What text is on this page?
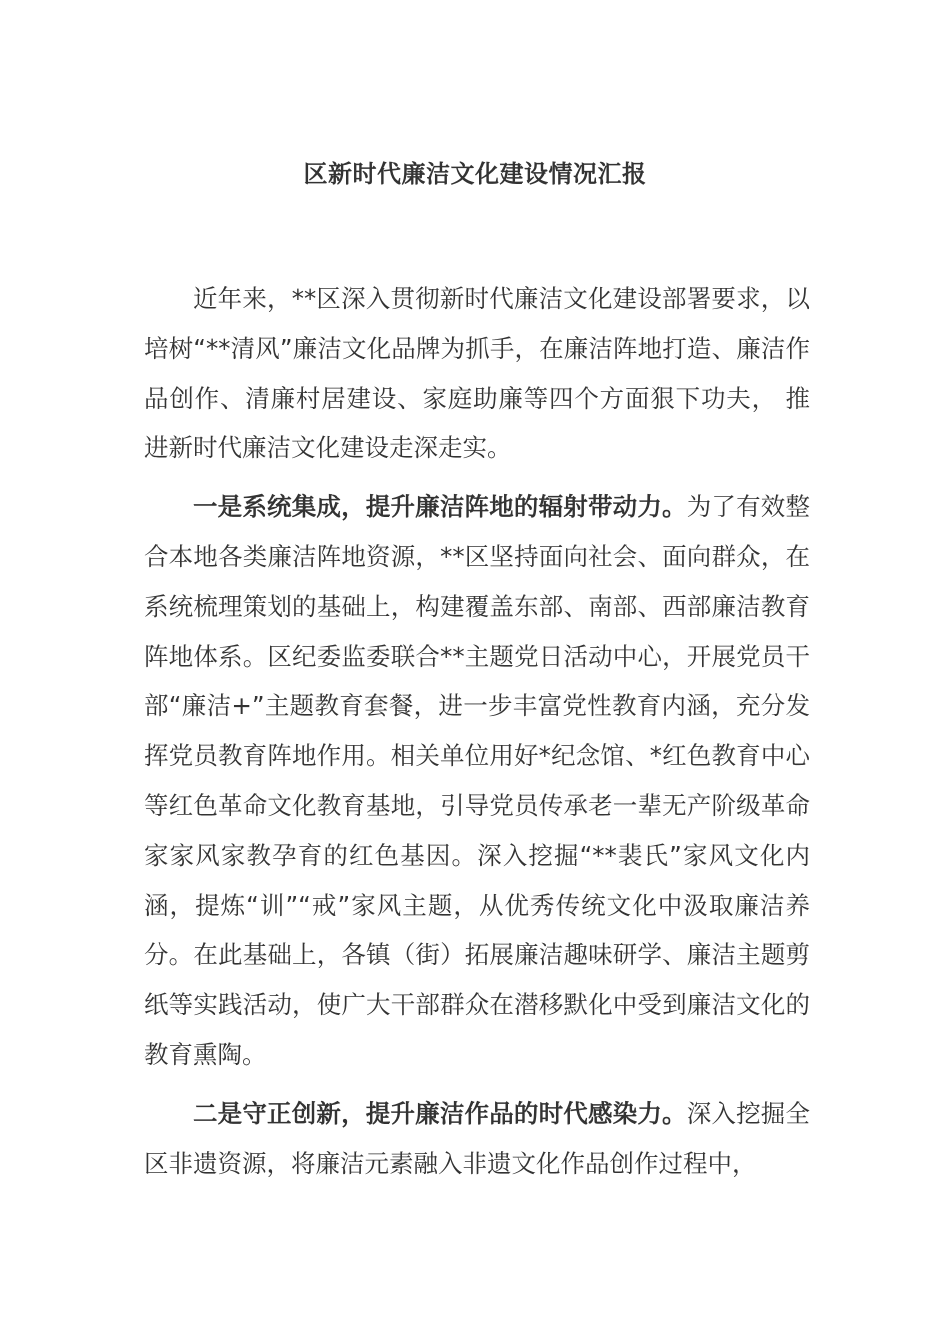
区新时代廉洁文化建设情况汇报

近年来，**区深入贯彻新时代廉洁文化建设部署要求，以培树“**清风”廉洁文化品牌为抓手，在廉洁阵地打造、廉洁作品创作、清廉村居建设、家庭助廉等四个方面狠下功夫， 推进新时代廉洁文化建设走深走实。

一是系统集成，提升廉洁阵地的辐射带动力。为了有效整合本地各类廉洁阵地资源，**区坚持面向社会、面向群众，在系统梳理策划的基础上，构建覆盖东部、南部、西部廉洁教育阵地体系。区纪委监委联合**主题党日活动中心，开展党员干部“廉洁+”主题教育套餐，进一步丰富党性教育内涵，充分发挥党员教育阵地作用。相关单位用好*纪念馆、*红色教育中心等红色革命文化教育基地，引导党员传承老一辈无产阶级革命家家风家教孕育的红色基因。深入挖掘“**裴氏”家风文化内涵，提炼“训”“戒”家风主题，从优秀传统文化中汲取廉洁养分。在此基础上，各镇（街）拓展廉洁趣味研学、廉洁主题剪纸等实践活动，使广大干部群众在潜移默化中受到廉洁文化的教育熏陶。

二是守正创新，提升廉洁作品的时代感染力。深入挖掘全区非遗资源，将廉洁元素融入非遗文化作品创作过程中，
